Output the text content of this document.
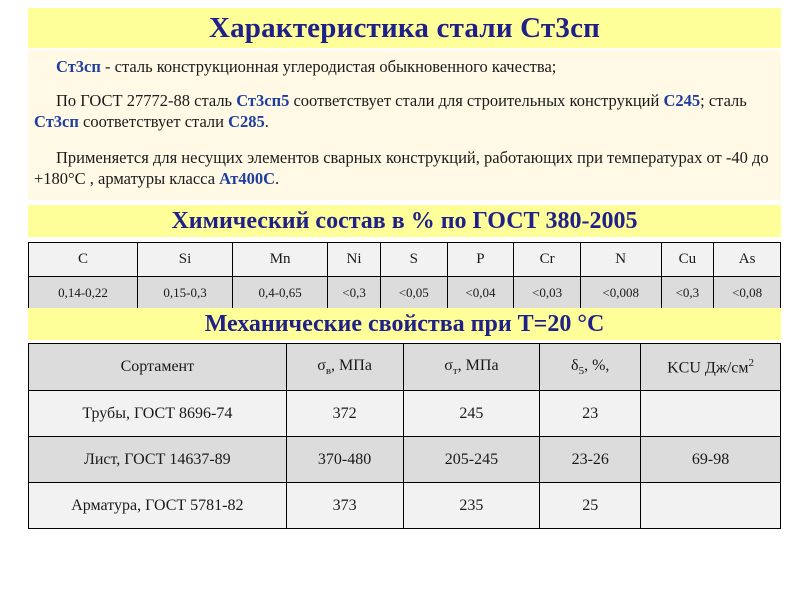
Характеристика стали Ст3сп

Ст3сп - сталь конструкционная углеродистая обыкновенного качества;

По ГОСТ 27772-88 сталь Ст3сп5 соответствует стали для строительных конструкций С245; сталь Ст3сп соответствует стали С285.

Применяется для несущих элементов сварных конструкций, работающих при температурах от -40 до +180°С , арматуры класса Ат400С.

Химический состав в % по ГОСТ 380-2005
C	Si	Mn	Ni	S	P	Cr	N	Cu	As
0,14-0,22	0,15-0,3	0,4-0,65	<0,3	<0,05	<0,04	<0,03	<0,008	<0,3	<0,08
Механические свойства при Т=20 °С
Сортамент	$\sigma_в$, МПа	$\sigma_т$, МПа	$\delta_5$, %,	KCU $Дж/см^2$
Трубы, ГОСТ 8696-74	372	245	23	
Лист, ГОСТ 14637-89	370-480	205-245	23-26	69-98
Арматура, ГОСТ 5781-82	373	235	25	
